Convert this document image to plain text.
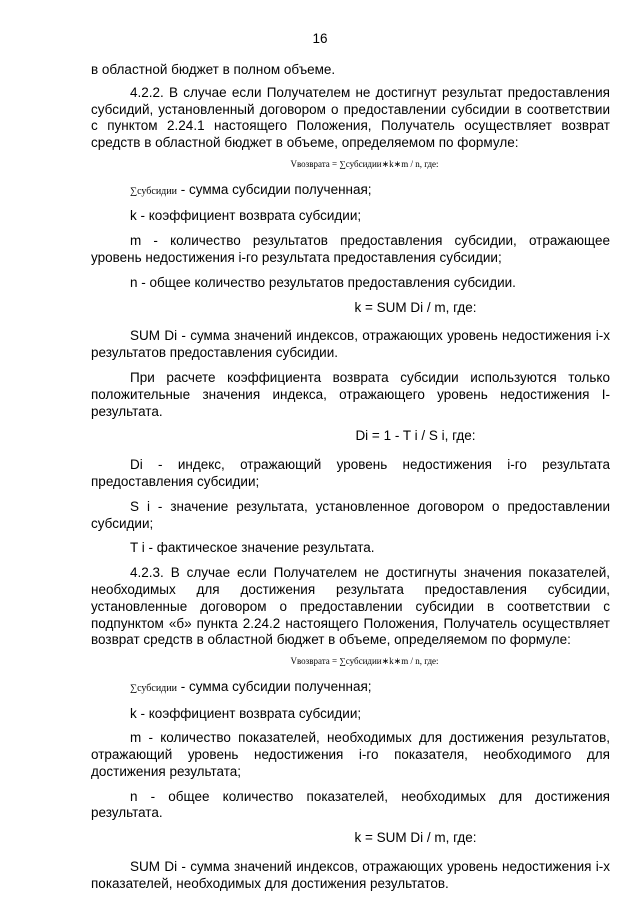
16

в областной бюджет в полном объеме.

4.2.2. В случае если Получателем не достигнут результат предоставления субсидий, установленный договором о предоставлении субсидии в соответствии с пунктом 2.24.1 настоящего Положения, Получатель осуществляет возврат средств в областной бюджет в объеме, определяемом по формуле:

Vвозврата = ∑субсидии∗k∗m / n, где:

∑субсидии - сумма субсидии полученная;

k - коэффициент возврата субсидии;

m - количество результатов предоставления субсидии, отражающее уровень недостижения i-го результата предоставления субсидии;

n - общее количество результатов предоставления субсидии.

k = SUM Di / m, где:

SUM Di - сумма значений индексов, отражающих уровень недостижения i-х результатов предоставления субсидии.

При расчете коэффициента возврата субсидии используются только положительные значения индекса, отражающего уровень недостижения I-результата.

Di = 1 - T i / S i, где:

Di - индекс, отражающий уровень недостижения i-го результата предоставления субсидии;

S i - значение результата, установленное договором о предоставлении субсидии;

T i - фактическое значение результата.

4.2.3. В случае если Получателем не достигнуты значения показателей, необходимых для достижения результата предоставления субсидии, установленные договором о предоставлении субсидии в соответствии с подпунктом «б» пункта 2.24.2 настоящего Положения, Получатель осуществляет возврат средств в областной бюджет в объеме, определяемом по формуле:

Vвозврата = ∑субсидии∗k∗m / n, где:

∑субсидии - сумма субсидии полученная;

k - коэффициент возврата субсидии;

m - количество показателей, необходимых для достижения результатов, отражающий уровень недостижения i-го показателя, необходимого для достижения результата;

n - общее количество показателей, необходимых для достижения результата.

k = SUM Di / m, где:

SUM Di - сумма значений индексов, отражающих уровень недостижения i-х показателей, необходимых для достижения результатов.
